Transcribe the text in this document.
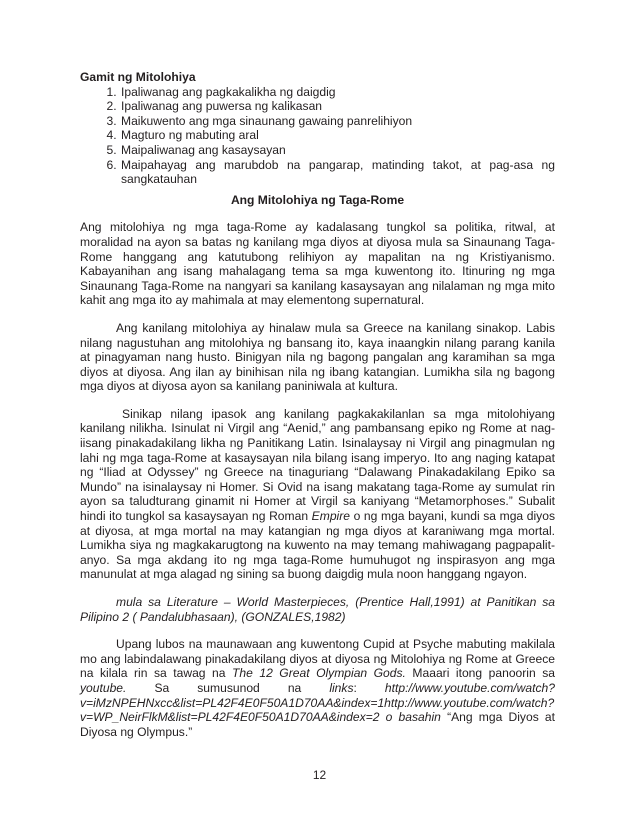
Gamit ng Mitolohiya
1. Ipaliwanag ang pagkakalikha ng daigdig
2. Ipaliwanag ang puwersa ng kalikasan
3. Maikuwento ang mga sinaunang gawaing panrelihiyon
4. Magturo ng mabuting aral
5. Maipaliwanag ang kasaysayan
6. Maipahayag ang marubdob na pangarap, matinding takot, at pag-asa ng sangkatauhan
Ang Mitolohiya ng Taga-Rome

Ang mitolohiya ng mga taga-Rome ay kadalasang tungkol sa politika, ritwal, at moralidad na ayon sa batas ng kanilang mga diyos at diyosa mula sa Sinaunang Taga-Rome hanggang ang katutubong relihiyon ay mapalitan na ng Kristiyanismo. Kabayanihan ang isang mahalagang tema sa mga kuwentong ito. Itinuring ng mga Sinaunang Taga-Rome na nangyari sa kanilang kasaysayan ang nilalaman ng mga mito kahit ang mga ito ay mahimala at may elementong supernatural.

Ang kanilang mitolohiya ay hinalaw mula sa Greece na kanilang sinakop. Labis nilang nagustuhan ang mitolohiya ng bansang ito, kaya inaangkin nilang parang kanila at pinagyaman nang husto. Binigyan nila ng bagong pangalan ang karamihan sa mga diyos at diyosa. Ang ilan ay binihisan nila ng ibang katangian. Lumikha sila ng bagong mga diyos at diyosa ayon sa kanilang paniniwala at kultura.

Sinikap nilang ipasok ang kanilang pagkakakilanlan sa mga mitolohiyang kanilang nilikha. Isinulat ni Virgil ang “Aenid,” ang pambansang epiko ng Rome at nag-iisang pinakadakilang likha ng Panitikang Latin. Isinalaysay ni Virgil ang pinagmulan ng lahi ng mga taga-Rome at kasaysayan nila bilang isang imperyo. Ito ang naging katapat ng “Iliad at Odyssey” ng Greece na tinaguriang “Dalawang Pinakadakilang Epiko sa Mundo” na isinalaysay ni Homer. Si Ovid na isang makatang taga-Rome ay sumulat rin ayon sa taludturang ginamit ni Homer at Virgil sa kaniyang “Metamorphoses.” Subalit hindi ito tungkol sa kasaysayan ng Roman Empire o ng mga bayani, kundi sa mga diyos at diyosa, at mga mortal na may katangian ng mga diyos at karaniwang mga mortal. Lumikha siya ng magkakarugtong na kuwento na may temang mahiwagang pagpapalit-anyo. Sa mga akdang ito ng mga taga-Rome humuhugot ng inspirasyon ang mga manunulat at mga alagad ng sining sa buong daigdig mula noon hanggang ngayon.

mula sa Literature – World Masterpieces, (Prentice Hall,1991) at Panitikan sa Pilipino 2 ( Pandalubhasaan), (GONZALES,1982)

Upang lubos na maunawaan ang kuwentong Cupid at Psyche mabuting makilala mo ang labindalawang pinakadakilang diyos at diyosa ng Mitolohiya ng Rome at Greece na kilala rin sa tawag na The 12 Great Olympian Gods. Maaari itong panoorin sa youtube. Sa sumusunod na links: http://www.youtube.com/watch?v=iMzNPEHNxcc&list=PL42F4E0F50A1D70AA&index=1http://www.youtube.com/watch?v=WP_NeirFlkM&list=PL42F4E0F50A1D70AA&index=2 o basahin “Ang mga Diyos at Diyosa ng Olympus.”

12
